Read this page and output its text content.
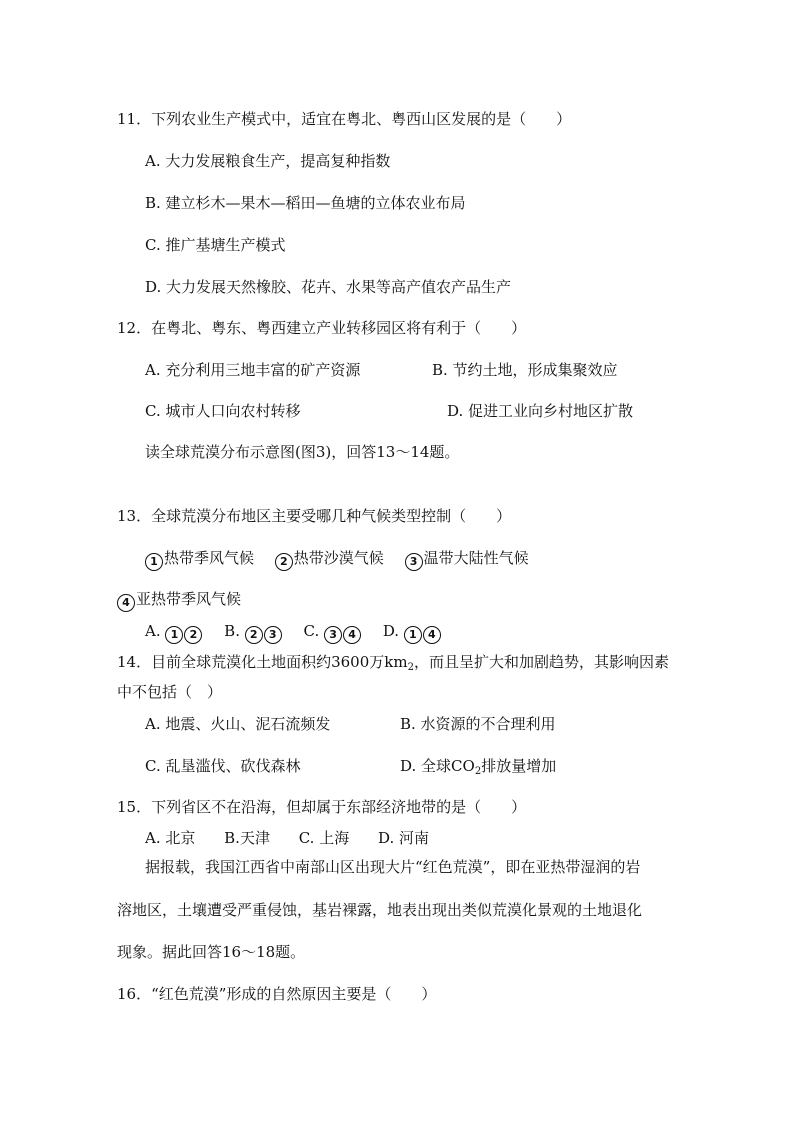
11．下列农业生产模式中，适宜在粤北、粤西山区发展的是（　　）
A. 大力发展粮食生产，提高复种指数
B. 建立杉木—果木—稻田—鱼塘的立体农业布局
C. 推广基塘生产模式
D. 大力发展天然橡胶、花卉、水果等高产值农产品生产
12．在粤北、粤东、粤西建立产业转移园区将有利于（　　）
A. 充分利用三地丰富的矿产资源	B. 节约土地，形成集聚效应
C. 城市人口向农村转移	D. 促进工业向乡村地区扩散
读全球荒漠分布示意图(图3)，回答13～14题。
13．全球荒漠分布地区主要受哪几种气候类型控制（　　）
1 热带季风气候 2 热带沙漠气候 3 温带大陆性气候
4 亚热带季风气候
A. 1 2 B. 2 3 C. 3 4 D. 1 4
14．目前全球荒漠化土地面积约3600万$km_2$，而且呈扩大和加剧趋势，其影响因素
中不包括（　）
A. 地震、火山、泥石流频发	B. 水资源的不合理利用
C. 乱垦滥伐、砍伐森林	D. 全球$CO_2$排放量增加
15．下列省区不在沿海，但却属于东部经济地带的是（　　）
A. 北京 B.天津 C. 上海 D. 河南
据报载，我国江西省中南部山区出现大片“红色荒漠”，即在亚热带湿润的岩
溶地区，土壤遭受严重侵蚀，基岩裸露，地表出现出类似荒漠化景观的土地退化
现象。据此回答16～18题。
16．“红色荒漠”形成的自然原因主要是（　　）
